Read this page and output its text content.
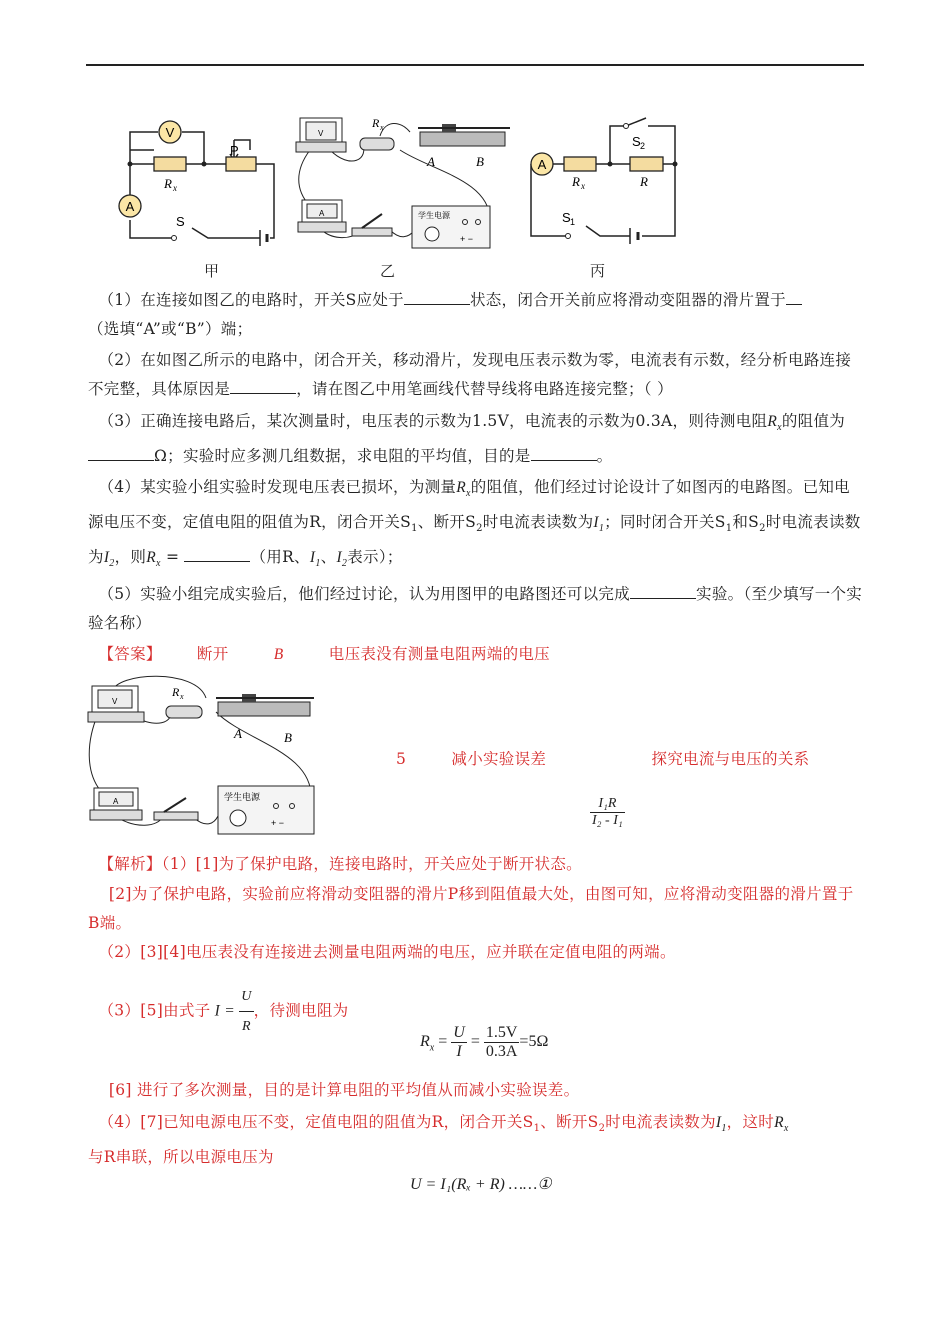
V
A
P
R x
S
甲
V
R x
A	B
A	学生电源
+ −
乙
A
R x	R
S 2
S 1
丙
（1）在连接如图乙的电路时，开关S应处于	状态，闭合开关前应将滑动变阻器的滑片置于
（选填“A”或“B”）端；
（2）在如图乙所示的电路中，闭合开关，移动滑片，发现电压表示数为零，电流表有示数，经分析电路连接不完整，具体原因是	，请在图乙中用笔画线代替导线将电路连接完整；（ ）
（3）正确连接电路后，某次测量时，电压表的示数为1.5V，电流表的示数为0.3A，则待测电阻$R_x$的阻值为Ω；实验时应多测几组数据，求电阻的平均值，目的是	。
（4）某实验小组实验时发现电压表已损坏，为测量$R_x$的阻值，他们经过讨论设计了如图丙的电路图。已知电源电压不变，定值电阻的阻值为R，闭合开关$S_1$、断开$S_2$时电流表读数为$I_1$；同时闭合开关$S_1$和$S_2$时电流表读数为$I_2$，则$R_x$ =	（用R、$I_1$、$I_2$表示）；
（5）实验小组完成实验后，他们经过讨论，认为用图甲的电路图还可以完成	实验。（至少填写一个实验名称）
【答案】 断开	B	电压表没有测量电阻两端的电压
V
R x
A	B
A	学生电源
+ −
5	减小实验误差	探究电流与电压的关系
$\frac{\text{I₁R}}{\text{I₂ - I₁}}$
【解析】（1）[1]为了保护电路，连接电路时，开关应处于断开状态。
[2]为了保护电路，实验前应将滑动变阻器的滑片P移到阻值最大处，由图可知，应将滑动变阻器的滑片置于B端。
（2）[3][4]电压表没有连接进去测量电阻两端的电压，应并联在定值电阻的两端。
（3）[5]由式子 $I = \frac{U}{R}$ ，待测电阻为
$R_x = \frac{U}{I} = \frac{1.5V}{0.3A} =5\Omega$
[6] 进行了多次测量，目的是计算电阻的平均值从而减小实验误差。
（4）[7]已知电源电压不变，定值电阻的阻值为R，闭合开关$S_1$、断开$S_2$时电流表读数为$I_1$，这时$R_x$
与R串联，所以电源电压为
U = I₁(Rₓ + R) ……①
